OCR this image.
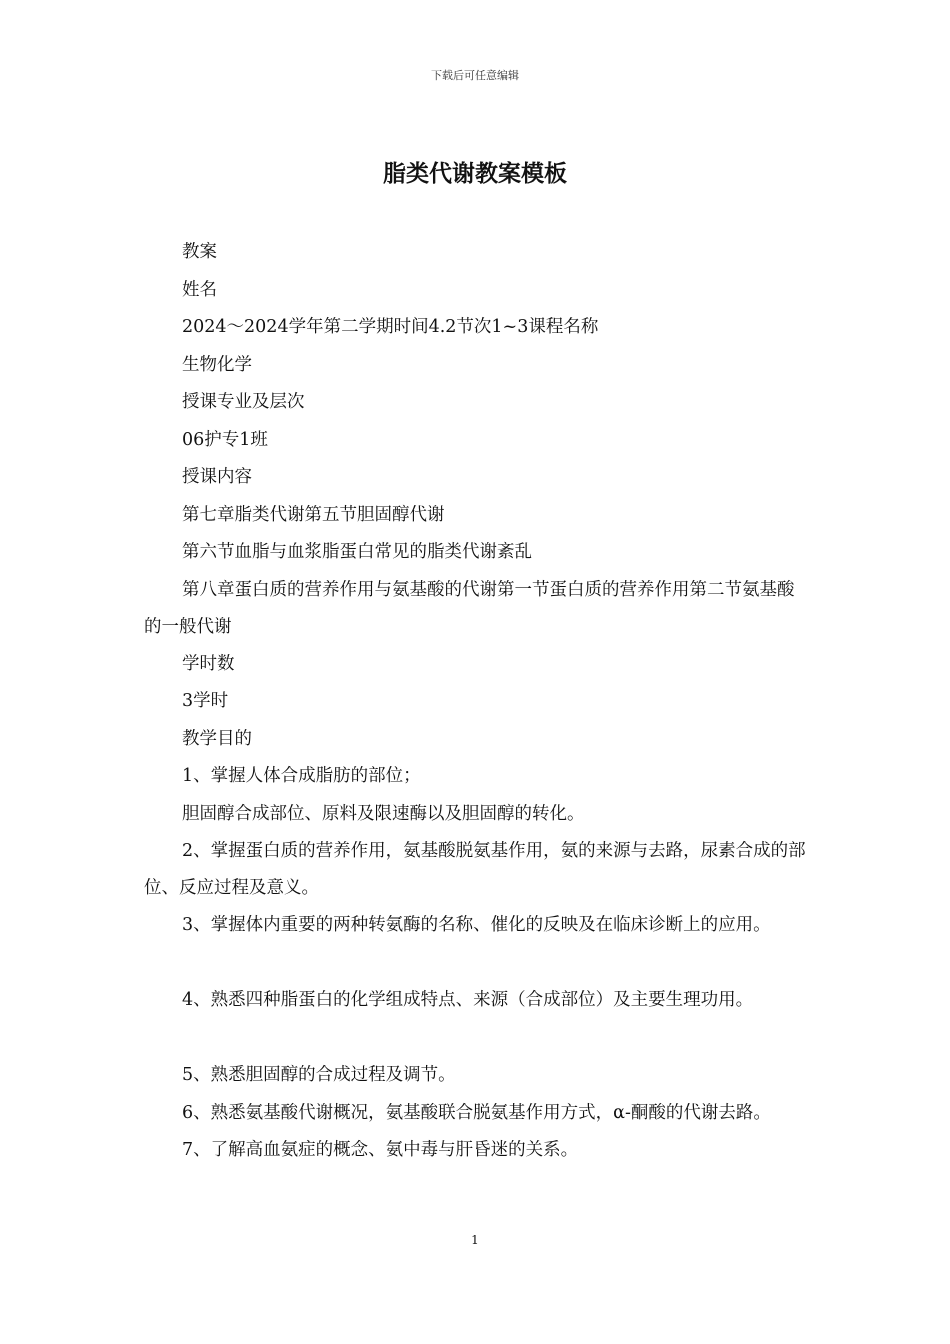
下载后可任意编辑
脂类代谢教案模板

教案

姓名

2024～2024学年第二学期时间4.2节次1~3课程名称

生物化学

授课专业及层次

06护专1班

授课内容

第七章脂类代谢第五节胆固醇代谢

第六节血脂与血浆脂蛋白常见的脂类代谢紊乱

第八章蛋白质的营养作用与氨基酸的代谢第一节蛋白质的营养作用第二节氨基酸的一般代谢

学时数

3学时

教学目的

1、掌握人体合成脂肪的部位；

胆固醇合成部位、原料及限速酶以及胆固醇的转化。

2、掌握蛋白质的营养作用，氨基酸脱氨基作用，氨的来源与去路，尿素合成的部位、反应过程及意义。

3、掌握体内重要的两种转氨酶的名称、催化的反映及在临床诊断上的应用。

4、熟悉四种脂蛋白的化学组成特点、来源（合成部位）及主要生理功用。

5、熟悉胆固醇的合成过程及调节。

6、熟悉氨基酸代谢概况，氨基酸联合脱氨基作用方式，α-酮酸的代谢去路。

7、了解高血氨症的概念、氨中毒与肝昏迷的关系。

1
